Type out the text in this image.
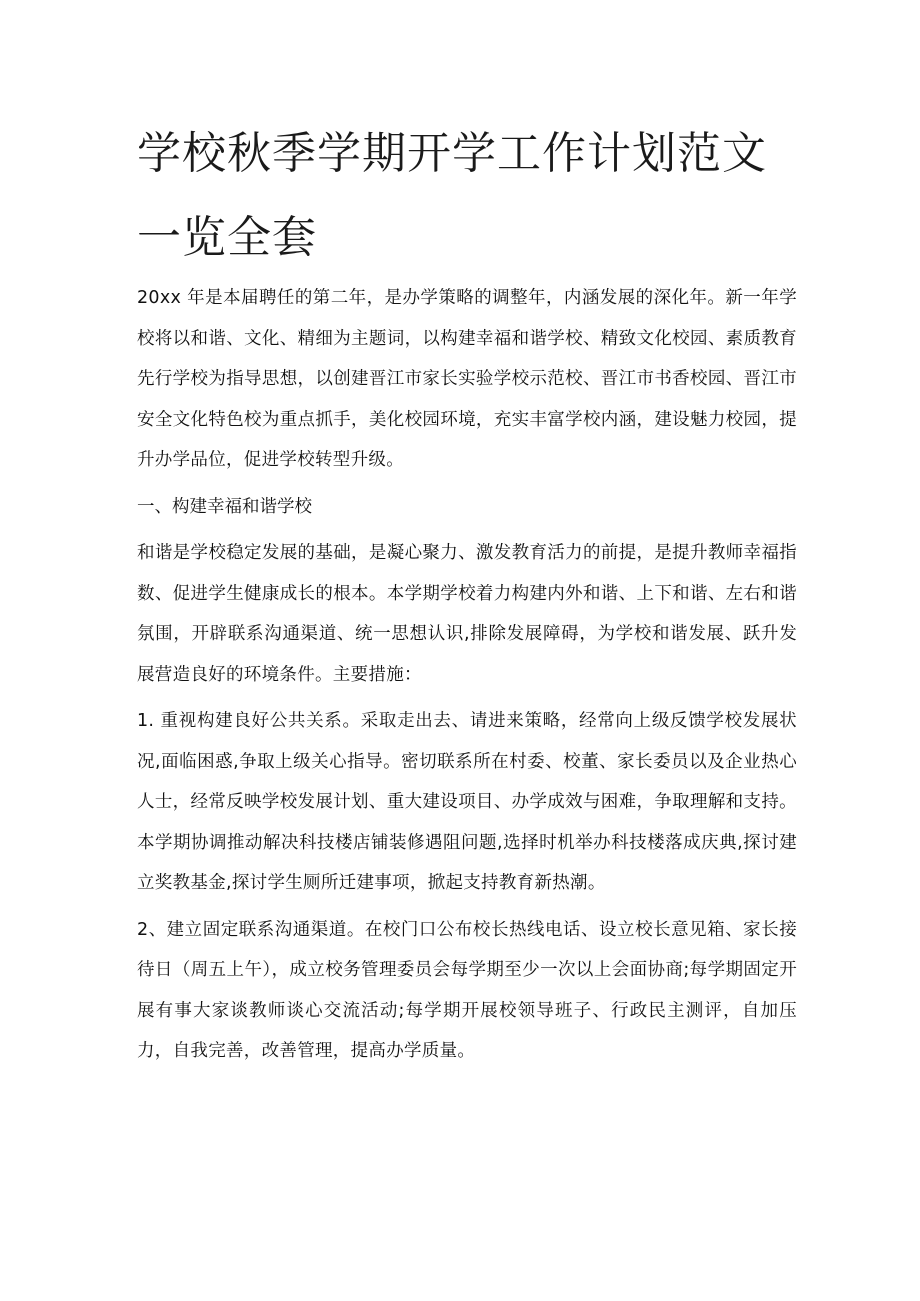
学校秋季学期开学工作计划范文一览全套

20xx 年是本届聘任的第二年，是办学策略的调整年，内涵发展的深化年。新一年学校将以和谐、文化、精细为主题词，以构建幸福和谐学校、精致文化校园、素质教育先行学校为指导思想，以创建晋江市家长实验学校示范校、晋江市书香校园、晋江市安全文化特色校为重点抓手，美化校园环境，充实丰富学校内涵，建设魅力校园，提升办学品位，促进学校转型升级。

一、构建幸福和谐学校

和谐是学校稳定发展的基础，是凝心聚力、激发教育活力的前提，是提升教师幸福指数、促进学生健康成长的根本。本学期学校着力构建内外和谐、上下和谐、左右和谐氛围，开辟联系沟通渠道、统一思想认识,排除发展障碍，为学校和谐发展、跃升发展营造良好的环境条件。主要措施：

1. 重视构建良好公共关系。采取走出去、请进来策略，经常向上级反馈学校发展状况,面临困惑,争取上级关心指导。密切联系所在村委、校董、家长委员以及企业热心人士，经常反映学校发展计划、重大建设项目、办学成效与困难，争取理解和支持。本学期协调推动解决科技楼店铺装修遇阻问题,选择时机举办科技楼落成庆典,探讨建立奖教基金,探讨学生厕所迁建事项，掀起支持教育新热潮。

2、建立固定联系沟通渠道。在校门口公布校长热线电话、设立校长意见箱、家长接待日（周五上午），成立校务管理委员会每学期至少一次以上会面协商;每学期固定开展有事大家谈教师谈心交流活动;每学期开展校领导班子、行政民主测评，自加压力，自我完善，改善管理，提高办学质量。
